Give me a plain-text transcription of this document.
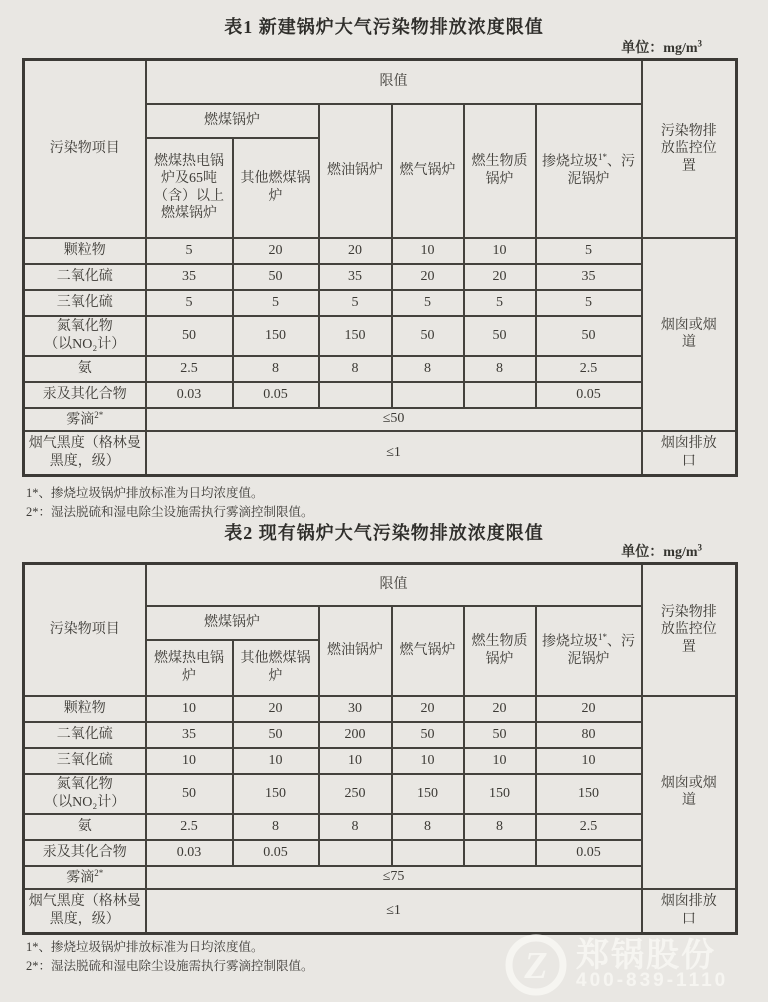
表1 新建锅炉大气污染物排放浓度限值
单位：$mg/m^3$
污染物项目	限值						污染物排放监控位置
	燃煤锅炉		燃油锅炉	燃气锅炉	燃生物质锅炉	掺烧垃圾$^{1*}$、污泥锅炉	
	燃煤热电锅炉及65吨（含）以上燃煤锅炉	其他燃煤锅炉					
颗粒物	5	20	20	10	10	5	烟囱或烟道
二氧化硫	35	50	35	20	20	35	
三氧化硫	5	5	5	5	5	5	
氮氧化物
（以NO₂计）	50	150	150	50	50	50	
氨	2.5	8	8	8	8	2.5	
汞及其化合物	0.03	0.05				0.05	
雾滴$^{2*}$	≤50						
烟气黑度（格林曼黑度，级）	≤1						烟囱排放口
1*、掺烧垃圾锅炉排放标准为日均浓度值。
2*：湿法脱硫和湿电除尘设施需执行雾滴控制限值。
表2 现有锅炉大气污染物排放浓度限值
单位：$mg/m^3$
污染物项目	限值						污染物排放监控位置
	燃煤锅炉		燃油锅炉	燃气锅炉	燃生物质锅炉	掺烧垃圾$^{1*}$、污泥锅炉	
	燃煤热电锅炉	其他燃煤锅炉					
颗粒物	10	20	30	20	20	20	烟囱或烟道
二氧化硫	35	50	200	50	50	80	
三氧化硫	10	10	10	10	10	10	
氮氧化物
（以NO₂计）	50	150	250	150	150	150	
氨	2.5	8	8	8	8	2.5	
汞及其化合物	0.03	0.05				0.05	
雾滴$^{2*}$	≤75						
烟气黑度（格林曼黑度，级）	≤1						烟囱排放口
1*、掺烧垃圾锅炉排放标准为日均浓度值。
2*：湿法脱硫和湿电除尘设施需执行雾滴控制限值。	Z 郑锅股份
400-839-1110
